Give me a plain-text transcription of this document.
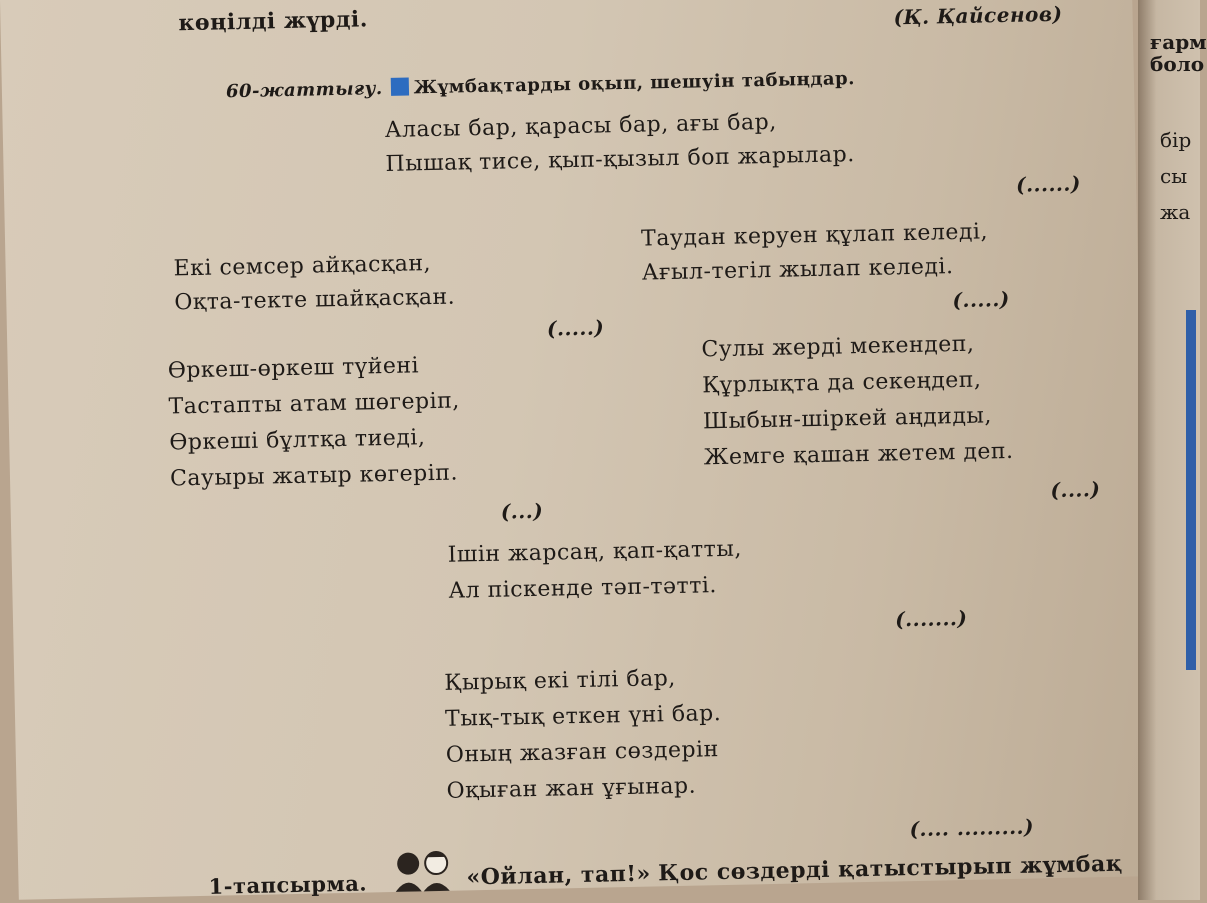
көңілді жүрді.	(Қ. Қайсенов)
60-жаттығу. Жұмбақтарды оқып, шешуін табыңдар.
Аласы бар, қарасы бар, ағы бар,
Пышақ тисе, қып-қызыл боп жарылар.
(......)
Екі семсер айқасқан,
Оқта-текте шайқасқан.
(.....)
Таудан керуен құлап келеді,
Ағыл-тегіл жылап келеді.
(.....)
Өркеш-өркеш түйені
Тастапты атам шөгеріп,
Өркеші бұлтқа тиеді,
Сауыры жатыр көгеріп.
(...)
Сулы жерді мекендеп,
Құрлықта да секеңдеп,
Шыбын-шіркей аңдиды,
Жемге қашан жетем деп.
(....)
Ішін жарсаң, қап-қатты,
Ал піскенде тәп-тәтті.
(.......)
Қырық екі тілі бар,
Тық-тық еткен үні бар.
Оның жазған сөздерін
Оқыған жан ұғынар.
(.... .........)
1-тапсырма.	«Ойлан, тап!» Қос сөздерді қатыстырып жұмбақ
ғарм
боло
бір
сы
жа
